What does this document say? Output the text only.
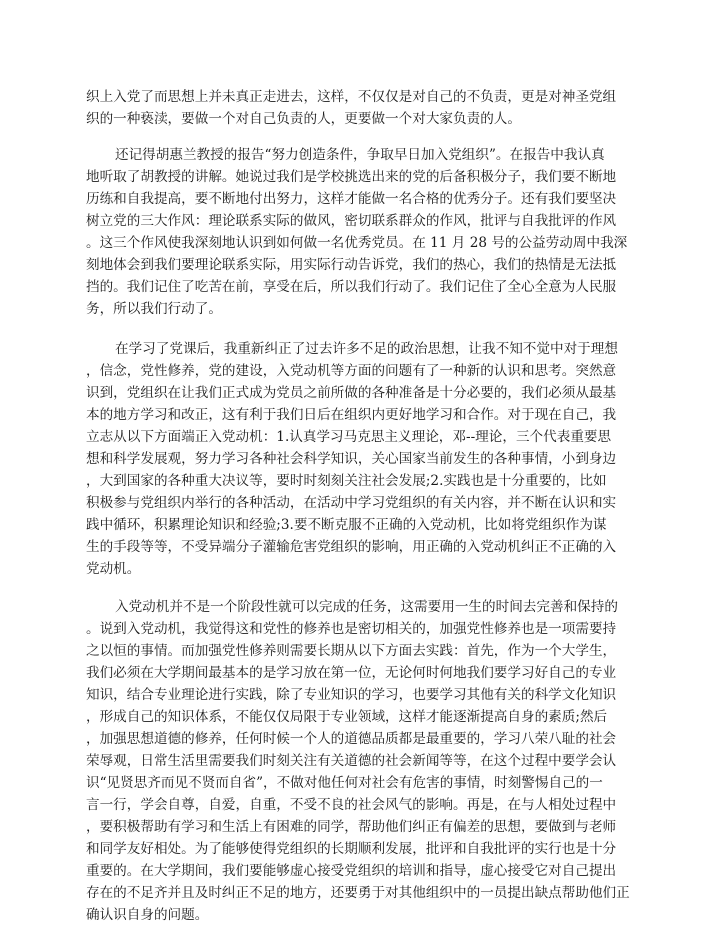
织上入党了而思想上并未真正走进去，这样，不仅仅是对自己的不负责，更是对神圣党组
织的一种亵渎，要做一个对自己负责的人，更要做一个对大家负责的人。
还记得胡惠兰教授的报告“努力创造条件，争取早日加入党组织”。在报告中我认真
地听取了胡教授的讲解。她说过我们是学校挑选出来的党的后备积极分子，我们要不断地
历练和自我提高，要不断地付出努力，这样才能做一名合格的优秀分子。还有我们要坚决
树立党的三大作风：理论联系实际的做风，密切联系群众的作风，批评与自我批评的作风
。这三个作风使我深刻地认识到如何做一名优秀党员。在 11 月 28 号的公益劳动周中我深
刻地体会到我们要理论联系实际，用实际行动告诉党，我们的热心，我们的热情是无法抵
挡的。我们记住了吃苦在前，享受在后，所以我们行动了。我们记住了全心全意为人民服
务，所以我们行动了。
在学习了党课后，我重新纠正了过去许多不足的政治思想，让我不知不觉中对于理想
，信念，党性修养，党的建设，入党动机等方面的问题有了一种新的认识和思考。突然意
识到，党组织在让我们正式成为党员之前所做的各种准备是十分必要的，我们必须从最基
本的地方学习和改正，这有利于我们日后在组织内更好地学习和合作。对于现在自己，我
立志从以下方面端正入党动机：1.认真学习马克思主义理论，邓--理论，三个代表重要思
想和科学发展观，努力学习各种社会科学知识，关心国家当前发生的各种事情，小到身边
，大到国家的各种重大决议等，要时时刻刻关注社会发展;2.实践也是十分重要的，比如
积极参与党组织内举行的各种活动，在活动中学习党组织的有关内容，并不断在认识和实
践中循环，积累理论知识和经验;3.要不断克服不正确的入党动机，比如将党组织作为谋
生的手段等等，不受异端分子灌输危害党组织的影响，用正确的入党动机纠正不正确的入
党动机。
入党动机并不是一个阶段性就可以完成的任务，这需要用一生的时间去完善和保持的
。说到入党动机，我觉得这和党性的修养也是密切相关的，加强党性修养也是一项需要持
之以恒的事情。而加强党性修养则需要长期从以下方面去实践：首先，作为一个大学生，
我们必须在大学期间最基本的是学习放在第一位，无论何时何地我们要学习好自己的专业
知识，结合专业理论进行实践，除了专业知识的学习，也要学习其他有关的科学文化知识
，形成自己的知识体系，不能仅仅局限于专业领域，这样才能逐渐提高自身的素质;然后
，加强思想道德的修养，任何时候一个人的道德品质都是最重要的，学习八荣八耻的社会
荣辱观，日常生活里需要我们时刻关注有关道德的社会新闻等等，在这个过程中要学会认
识“见贤思齐而见不贤而自省”，不做对他任何对社会有危害的事情，时刻警惕自己的一
言一行，学会自尊，自爱，自重，不受不良的社会风气的影响。再是，在与人相处过程中
，要积极帮助有学习和生活上有困难的同学，帮助他们纠正有偏差的思想，要做到与老师
和同学友好相处。为了能够使得党组织的长期顺利发展，批评和自我批评的实行也是十分
重要的。在大学期间，我们要能够虚心接受党组织的培训和指导，虚心接受它对自己提出
存在的不足齐并且及时纠正不足的地方，还要勇于对其他组织中的一员提出缺点帮助他们正
确认识自身的问题。
